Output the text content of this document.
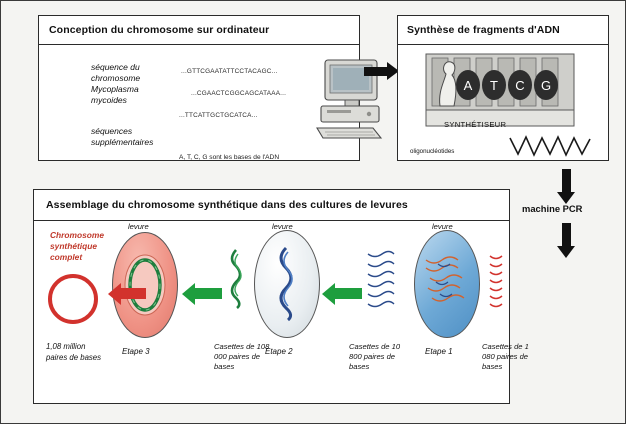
Conception du chromosome sur ordinateur
séquence du chromosome Mycoplasma mycoides
séquences supplémentaires
...GTTCGAATATTCCTACAGC...
...CGAACTCGGCAGCATAAA...
...TTCATTGCTGCATCA...
A, T, C, G sont les bases de l'ADN
Synthèse de fragments d'ADN
A T C G
SYNTHÉTISEUR
oligonucléotides
machine PCR
Assemblage du chromosome synthétique dans des cultures de levures
levure
Etape 1
Casettes de 1 080 paires de bases
Casettes de 10 800 paires de bases
levure
Etape 2
Casettes de 108 000 paires de bases
levure
Etape 3
Chromosome synthétique complet
1,08 million paires de bases
